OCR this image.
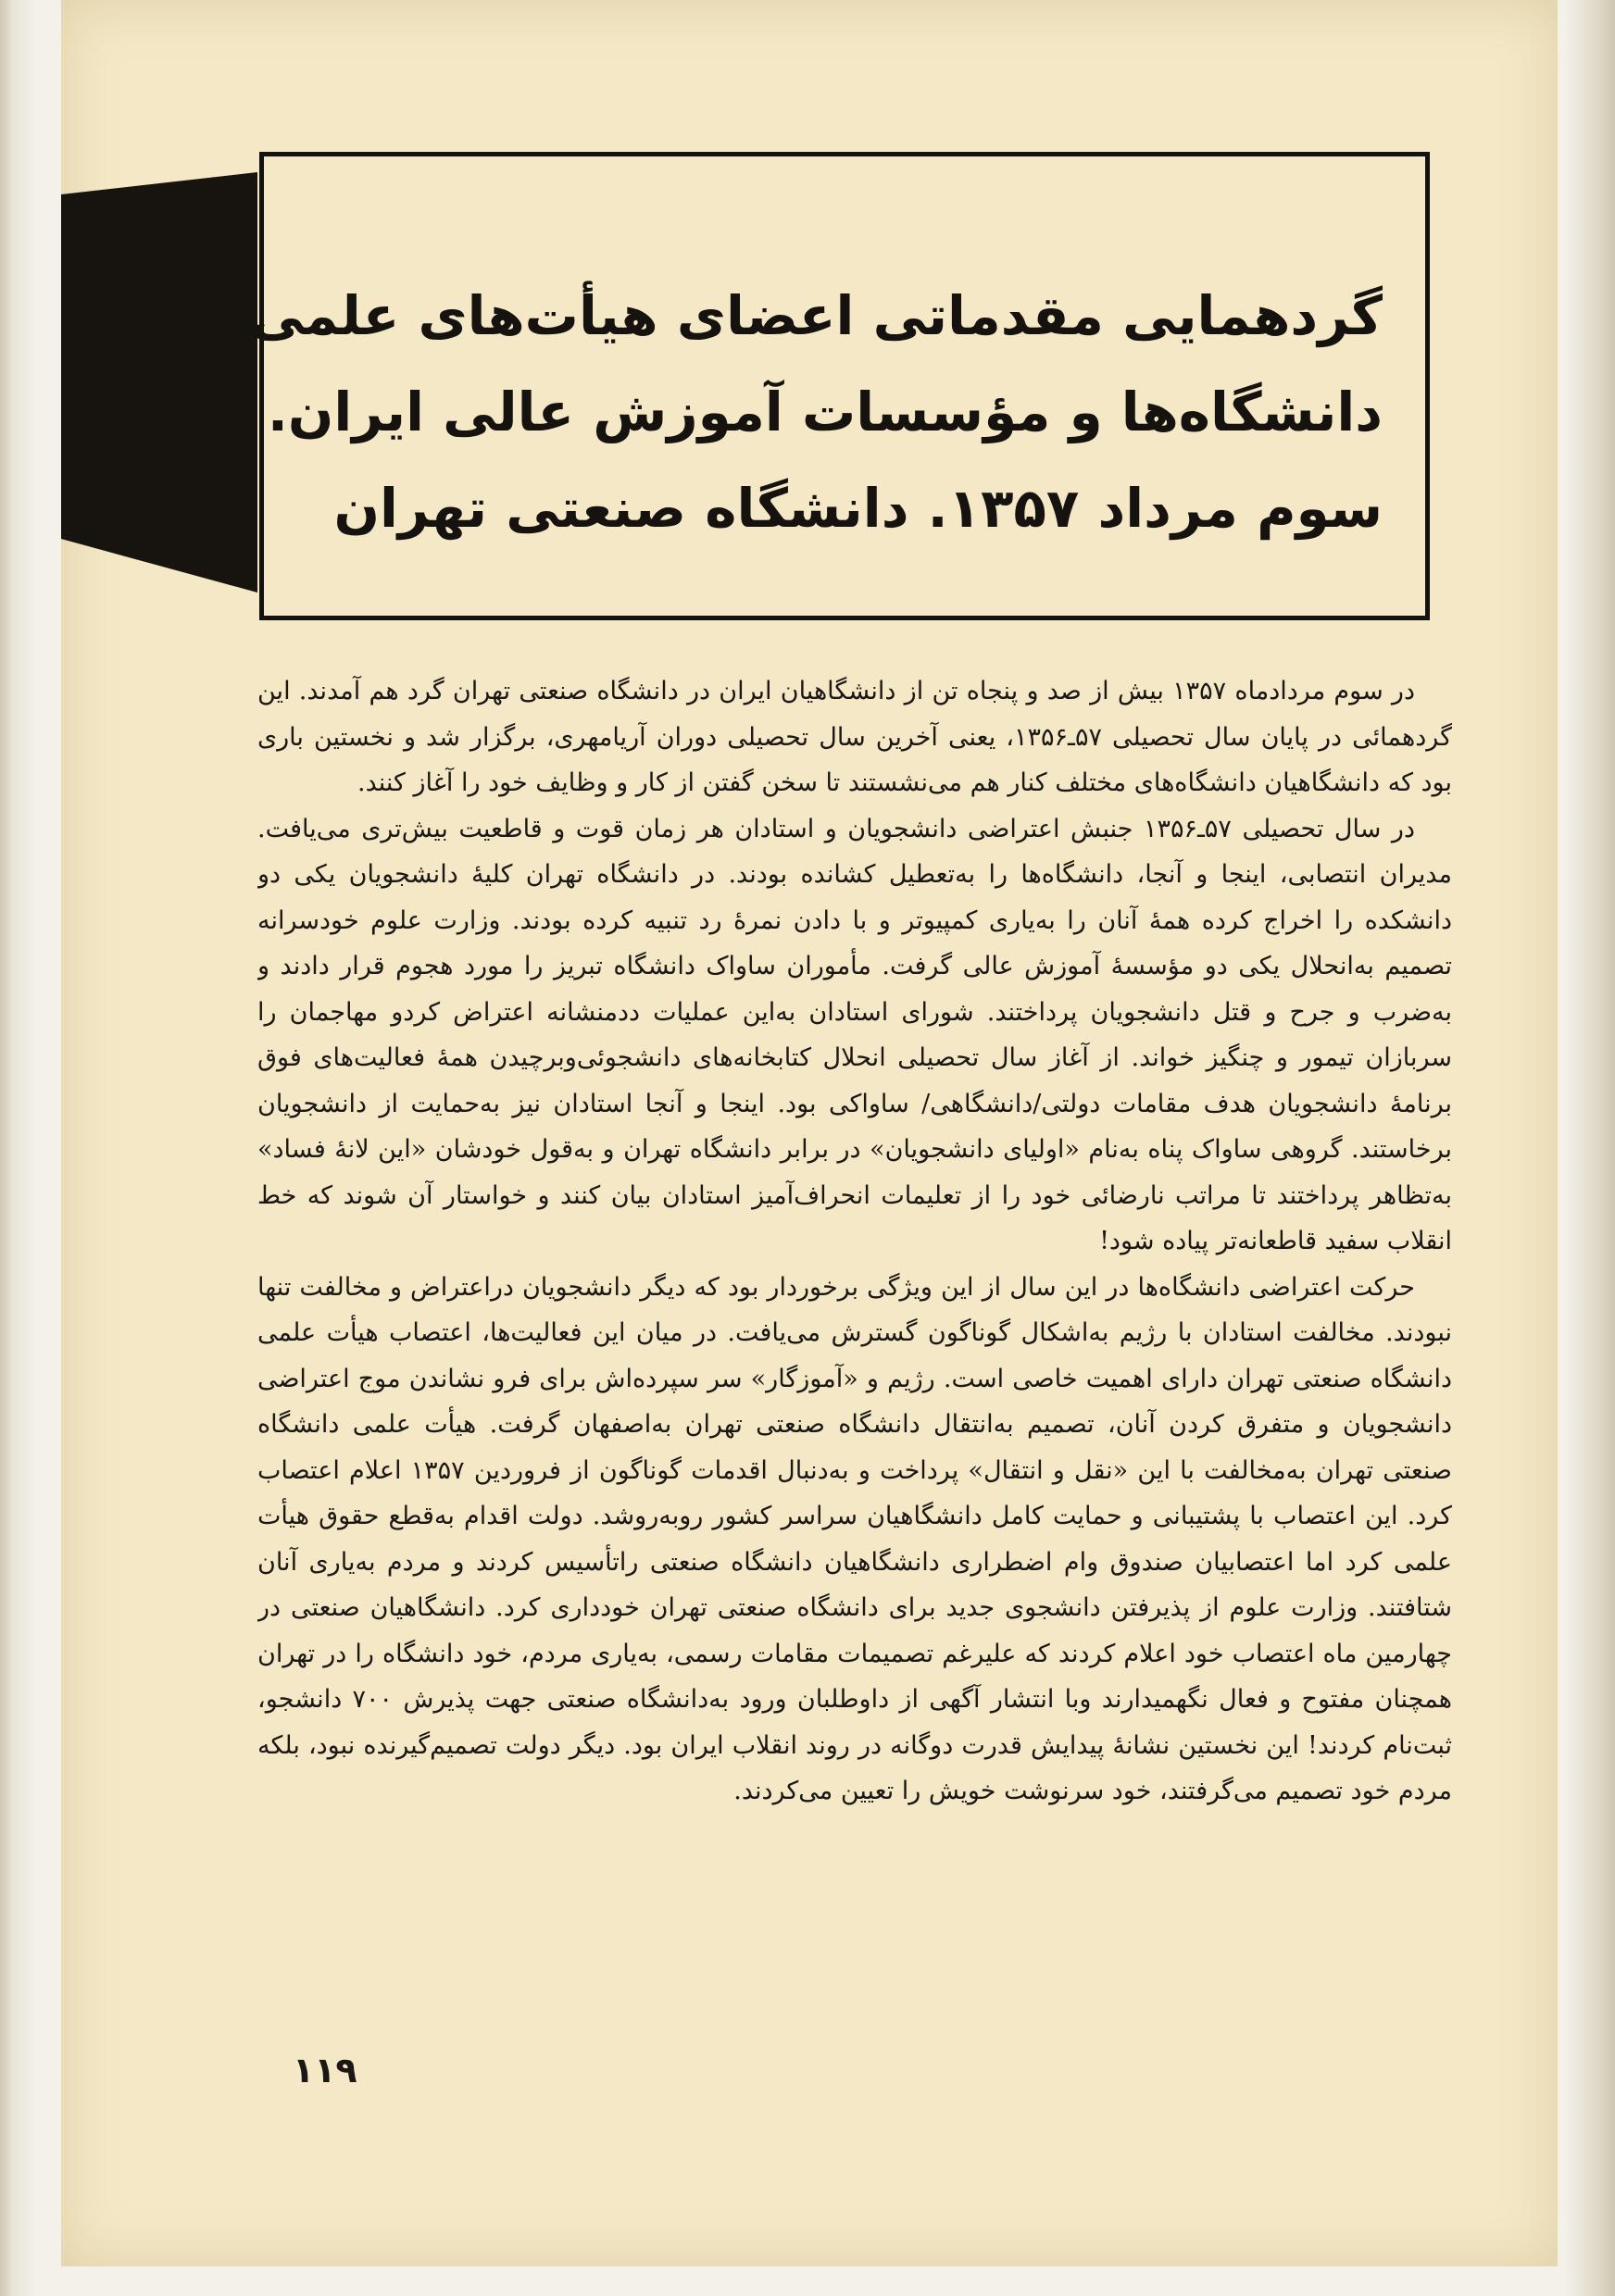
گردهمایی مقدماتی اعضای هیأت‌های علمی

دانشگاه‌ها و مؤسسات آموزش عالی ایران.

سوم مرداد ۱۳۵۷. دانشگاه صنعتی تهران

در سوم مردادماه ۱۳۵۷ بیش از صد و پنجاه تن از دانشگاهیان ایران در دانشگاه صنعتی تهران گرد هم آمدند. این گردهمائی در پایان سال تحصیلی ۵۷ـ۱۳۵۶، یعنی آخرین سال تحصیلی دوران آریامهری، برگزار شد و نخستین باری بود که دانشگاهیان دانشگاه‌های مختلف کنار هم می‌نشستند تا سخن گفتن از کار و وظایف خود را آغاز کنند.

در سال تحصیلی ۵۷ـ۱۳۵۶ جنبش اعتراضی دانشجویان و استادان هر زمان قوت و قاطعیت بیش‌تری می‌یافت. مدیران انتصابی، اینجا و آنجا، دانشگاه‌ها را به‌تعطیل کشانده بودند. در دانشگاه تهران کلیهٔ دانشجویان یکی دو دانشکده را اخراج کرده همهٔ آنان را به‌یاری کمپیوتر و با دادن نمرهٔ رد تنبیه کرده بودند. وزارت علوم خودسرانه تصمیم به‌انحلال یکی دو مؤسسهٔ آموزش عالی گرفت. مأموران ساواک دانشگاه تبریز را مورد هجوم قرار دادند و به‌ضرب و جرح و قتل دانشجویان پرداختند. شورای استادان به‌این عملیات ددمنشانه اعتراض کردو مهاجمان را سربازان تیمور و چنگیز خواند. از آغاز سال تحصیلی انحلال کتابخانه‌های دانشجوئی‌وبرچیدن همهٔ فعالیت‌های فوق برنامهٔ دانشجویان هدف مقامات دولتی/دانشگاهی/ ساواکی بود. اینجا و آنجا استادان نیز به‌حمایت از دانشجویان برخاستند. گروهی ساواک پناه به‌نام «اولیای دانشجویان» در برابر دانشگاه تهران و به‌قول خودشان «این لانهٔ فساد» به‌تظاهر پرداختند تا مراتب نارضائی خود را از تعلیمات انحراف‌آمیز استادان بیان کنند و خواستار آن شوند که خط انقلاب سفید قاطعانه‌تر پیاده شود!

حرکت اعتراضی دانشگاه‌ها در این سال از این ویژگی برخوردار بود که دیگر دانشجویان دراعتراض و مخالفت تنها نبودند. مخالفت استادان با رژیم به‌اشکال گوناگون گسترش می‌یافت. در میان این فعالیت‌ها، اعتصاب هیأت علمی دانشگاه صنعتی تهران دارای اهمیت خاصی است. رژیم و «آموزگار» سر سپرده‌اش برای فرو نشاندن موج اعتراضی دانشجویان و متفرق کردن آنان، تصمیم به‌انتقال دانشگاه صنعتی تهران به‌اصفهان گرفت. هیأت علمی دانشگاه صنعتی تهران به‌مخالفت با این «نقل و انتقال» پرداخت و به‌دنبال اقدمات گوناگون از فروردین ۱۳۵۷ اعلام اعتصاب کرد. این اعتصاب با پشتیبانی و حمایت کامل دانشگاهیان سراسر کشور روبه‌روشد. دولت اقدام به‌قطع حقوق هیأت علمی کرد اما اعتصابیان صندوق وام اضطراری دانشگاهیان دانشگاه صنعتی راتأسیس کردند و مردم به‌یاری آنان شتافتند. وزارت علوم از پذیرفتن دانشجوی جدید برای دانشگاه صنعتی تهران خودداری کرد. دانشگاهیان صنعتی در چهارمین ماه اعتصاب خود اعلام کردند که علیرغم تصمیمات مقامات رسمی، به‌یاری مردم، خود دانشگاه را در تهران همچنان مفتوح و فعال نگهمیدارند وبا انتشار آگهی از داوطلبان ورود به‌دانشگاه صنعتی جهت پذیرش ۷۰۰ دانشجو، ثبت‌نام کردند! این نخستین نشانهٔ پیدایش قدرت دوگانه در روند انقلاب ایران بود. دیگر دولت تصمیم‌گیرنده نبود، بلکه مردم خود تصمیم می‌گرفتند، خود سرنوشت خویش را تعیین می‌کردند.

۱۱۹
